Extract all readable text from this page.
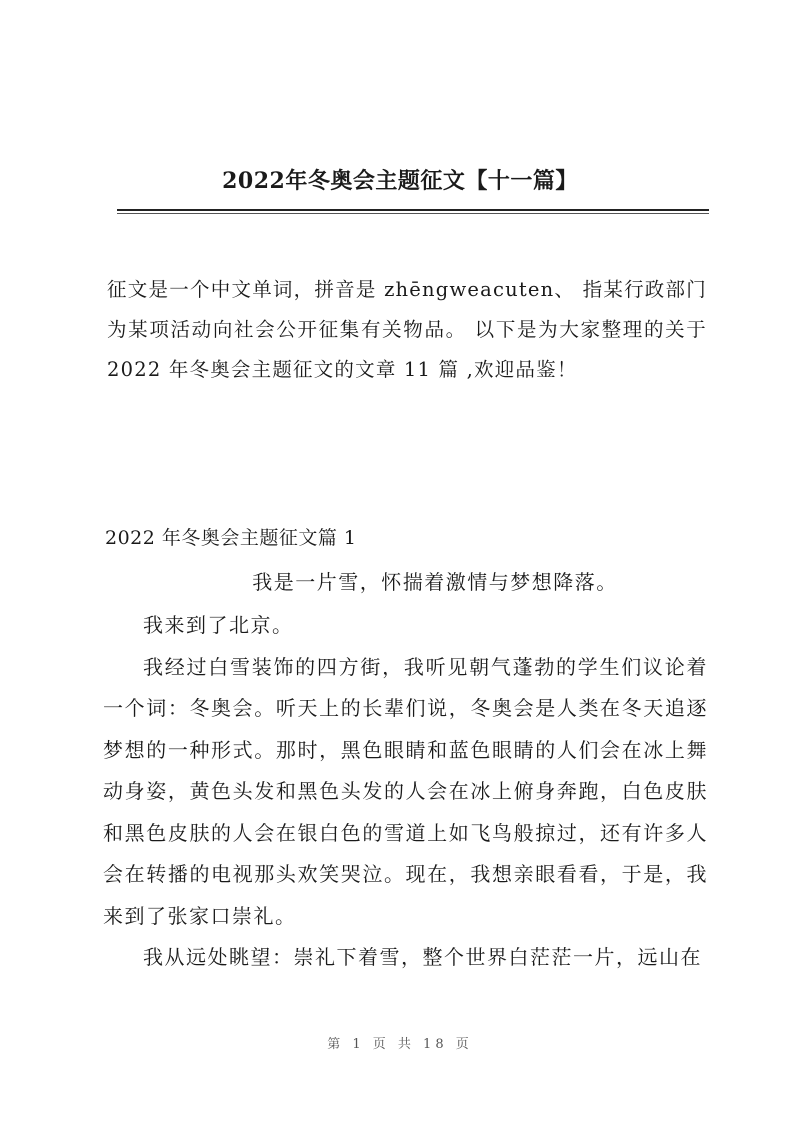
2022年冬奥会主题征文【十一篇】
征文是一个中文单词，拼音是 zhēngweacuten、 指某行政部门为某项活动向社会公开征集有关物品。 以下是为大家整理的关于 2022 年冬奥会主题征文的文章 11 篇 ,欢迎品鉴！
2022 年冬奥会主题征文篇 1
我是一片雪，怀揣着激情与梦想降落。

我来到了北京。

我经过白雪装饰的四方街，我听见朝气蓬勃的学生们议论着一个词：冬奥会。听天上的长辈们说，冬奥会是人类在冬天追逐梦想的一种形式。那时，黑色眼睛和蓝色眼睛的人们会在冰上舞动身姿，黄色头发和黑色头发的人会在冰上俯身奔跑，白色皮肤和黑色皮肤的人会在银白色的雪道上如飞鸟般掠过，还有许多人会在转播的电视那头欢笑哭泣。现在，我想亲眼看看，于是，我来到了张家口崇礼。

我从远处眺望：崇礼下着雪，整个世界白茫茫一片，远山在

第 1 页 共 18 页
